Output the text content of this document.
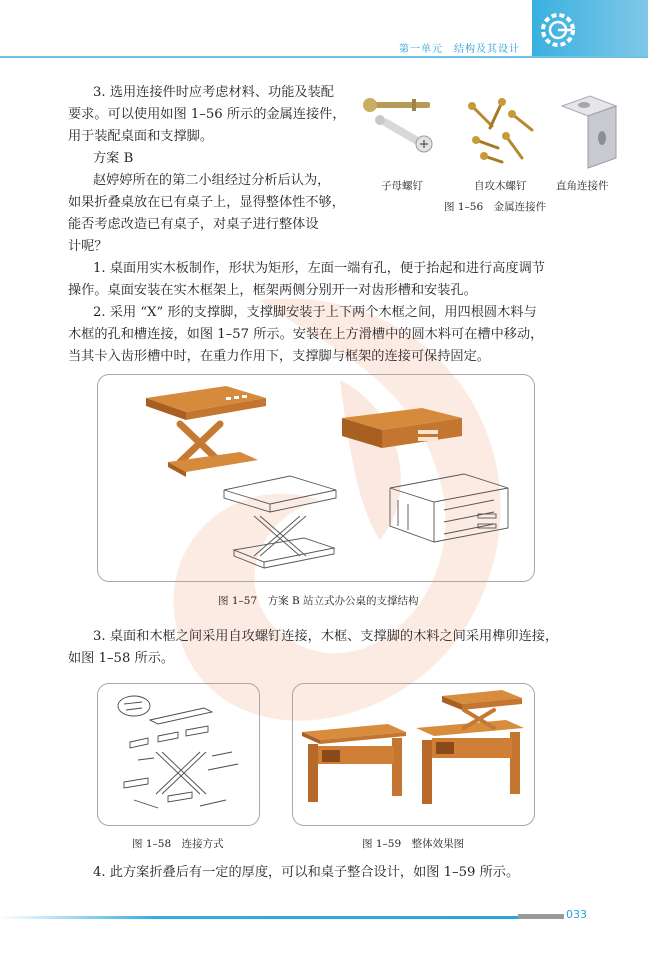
第一单元　结构及其设计
3. 选用连接件时应考虑材料、功能及装配
要求。可以使用如图 1–56 所示的金属连接件，
用于装配桌面和支撑脚。
方案 B
赵婷婷所在的第二小组经过分析后认为，
如果折叠桌放在已有桌子上，显得整体性不够，
能否考虑改造已有桌子，对桌子进行整体设
计呢？
子母螺钉	自攻木螺钉	直角连接件
图 1–56　金属连接件
1. 桌面用实木板制作，形状为矩形，左面一端有孔，便于抬起和进行高度调节
操作。桌面安装在实木框架上，框架两侧分别开一对齿形槽和安装孔。
2. 采用 “X” 形的支撑脚，支撑脚安装于上下两个木框之间，用四根圆木料与
木框的孔和槽连接，如图 1–57 所示。安装在上方滑槽中的圆木料可在槽中移动，
当其卡入齿形槽中时，在重力作用下，支撑脚与框架的连接可保持固定。
图 1–57　方案 B 站立式办公桌的支撑结构
3. 桌面和木框之间采用自攻螺钉连接，木框、支撑脚的木料之间采用榫卯连接，
如图 1–58 所示。
图 1–58　连接方式	图 1–59　整体效果图
4. 此方案折叠后有一定的厚度，可以和桌子整合设计，如图 1–59 所示。
033
